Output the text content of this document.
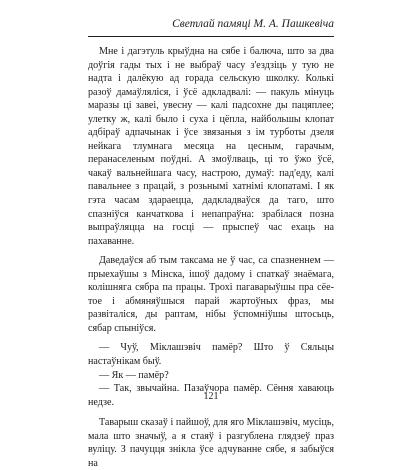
Светлай памяці М. А. Пашкевіча

Мне і дагэтуль крыўдна на сябе і балюча, што за два доўгія гады тых і не выбраў часу з'ездзіць у тую не надта і далёкую ад горада сельскую школку. Колькі разоў дамаўляліся, і ўсё адкладвалі: — пакуль мінуць маразы ці завеі, увесну — калі падсохне ды пацяплее; улетку ж, калі было і суха і цёпла, найбольшы клопат адбіраў адпачынак і ўсе звязаныя з ім турботы дзеля нейкага тлумнага месяца на цесным, гарачым, перанаселеным поўдні. А змоўлваць, ці то ўжо ўсё, чакаў вальнейшага часу, настрою, думаў: пад'еду, калі павальнее з працай, з розьнымі хатнімі клопатамі. І як гэта часам здараецца, дадкладваўся да таго, што спазніўся канчаткова і непапраўна: зрабілася позна выпраўляцца на госці — прыспеў час ехаць на пахаванне.

Даведаўся аб тым таксама не ў час, са спазненнем — прыехаўшы з Мінска, ішоў дадому і спаткаў знаёмага, колішняга сябра па працы. Трохі пагаварыўшы пра сёе-тое і абмяняўшыся парай жартоўных фраз, мы развіталіся, ды раптам, нібы ўспомніўшы штосьць, сябар спыніўся.

— Чуў, Міклашэвіч памёр? Што ў Сяльцы настаўнікам быў.

— Як — памёр?

— Так, звычайна. Пазаўчора памёр. Сёння хаваюць недзе.

Таварыш сказаў і пайшоў, для яго Міклашэвіч, мусіць, мала што значыў, а я стаяў і разгублена глядзеў праз вуліцу. З пачуцця знікла ўсе адчуванне сябе, я забыўся на

121
